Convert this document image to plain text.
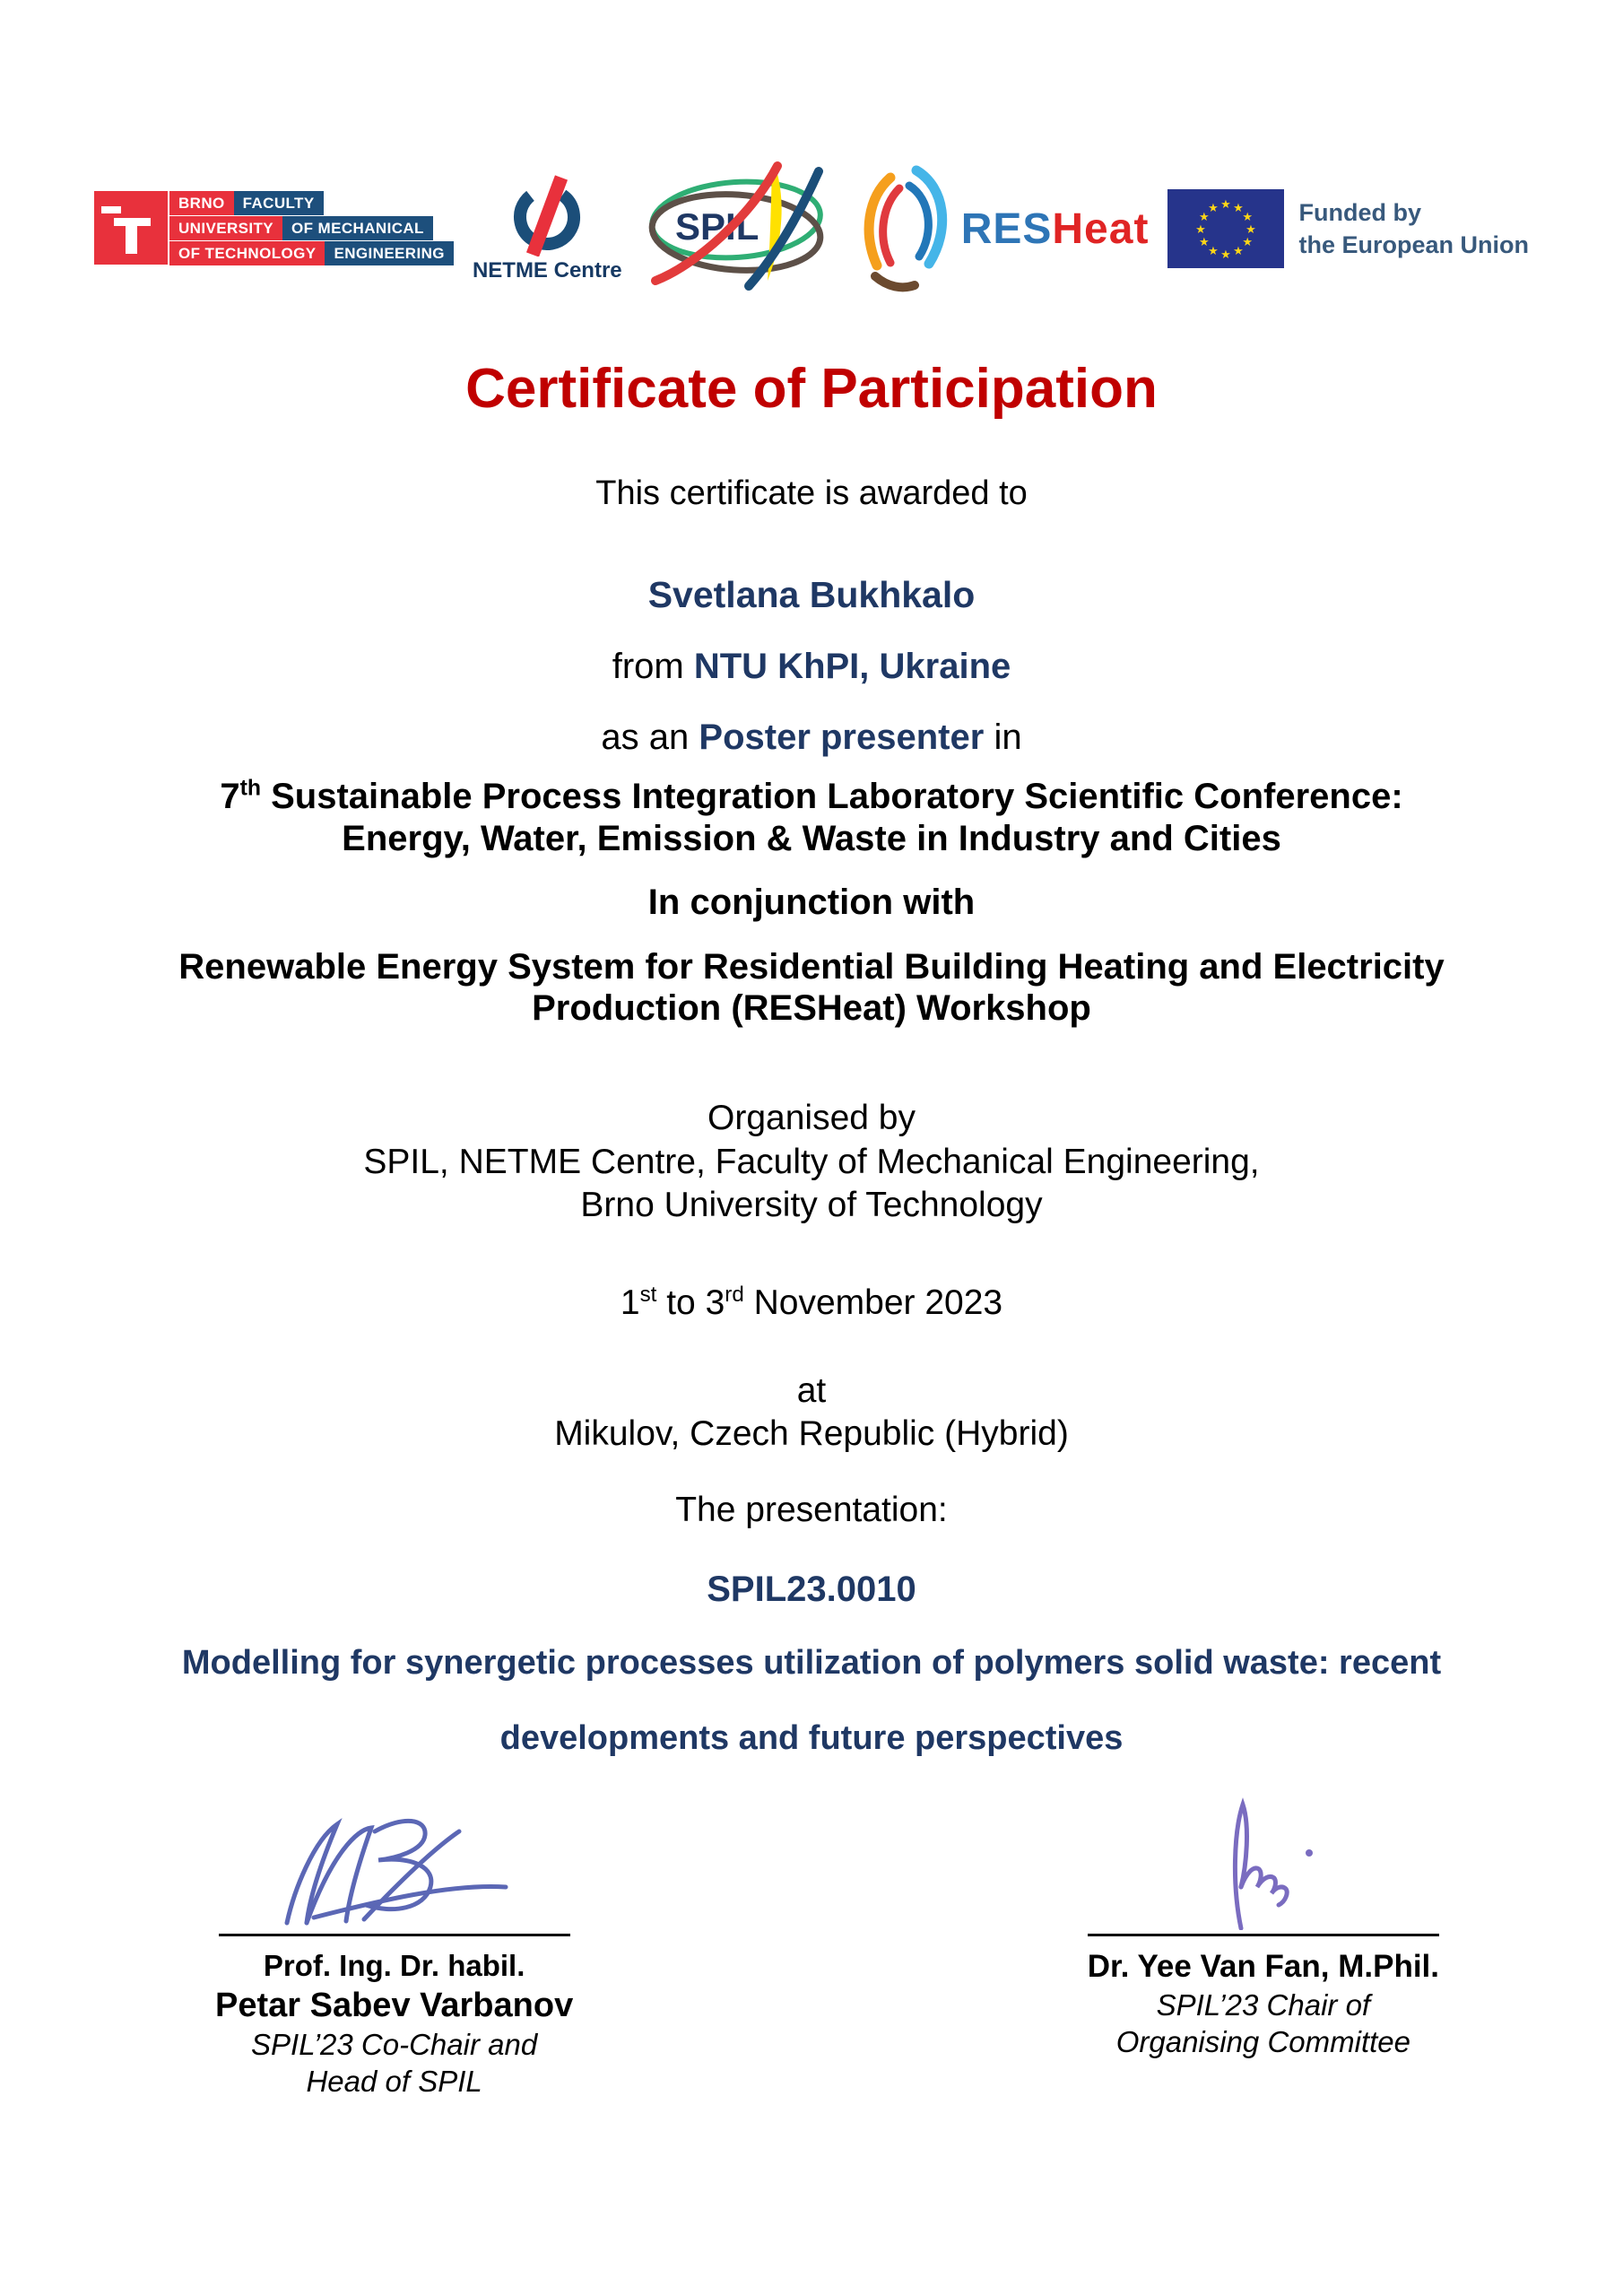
BRNO	FACULTY
UNIVERSITY	OF MECHANICAL
OF TECHNOLOGY	ENGINEERING
NETME Centre
SPIL	RESHeat	★ ★
★
★
★
★
★
★
★
★
★
★	Funded by
the European Union

Certificate of Participation

This certificate is awarded to

Svetlana Bukhkalo

from NTU KhPI, Ukraine

as an Poster presenter in

7th Sustainable Process Integration Laboratory Scientific Conference:
Energy, Water, Emission & Waste in Industry and Cities

In conjunction with

Renewable Energy System for Residential Building Heating and Electricity
Production (RESHeat) Workshop

Organised by
SPIL, NETME Centre, Faculty of Mechanical Engineering,
Brno University of Technology

1st to 3rd November 2023

at
Mikulov, Czech Republic (Hybrid)

The presentation:

SPIL23.0010

Modelling for synergetic processes utilization of polymers solid waste: recent
developments and future perspectives

Prof. Ing. Dr. habil.
Petar Sabev Varbanov
SPIL’23 Co-Chair and
Head of SPIL
Dr. Yee Van Fan, M.Phil.
SPIL’23 Chair of
Organising Committee
